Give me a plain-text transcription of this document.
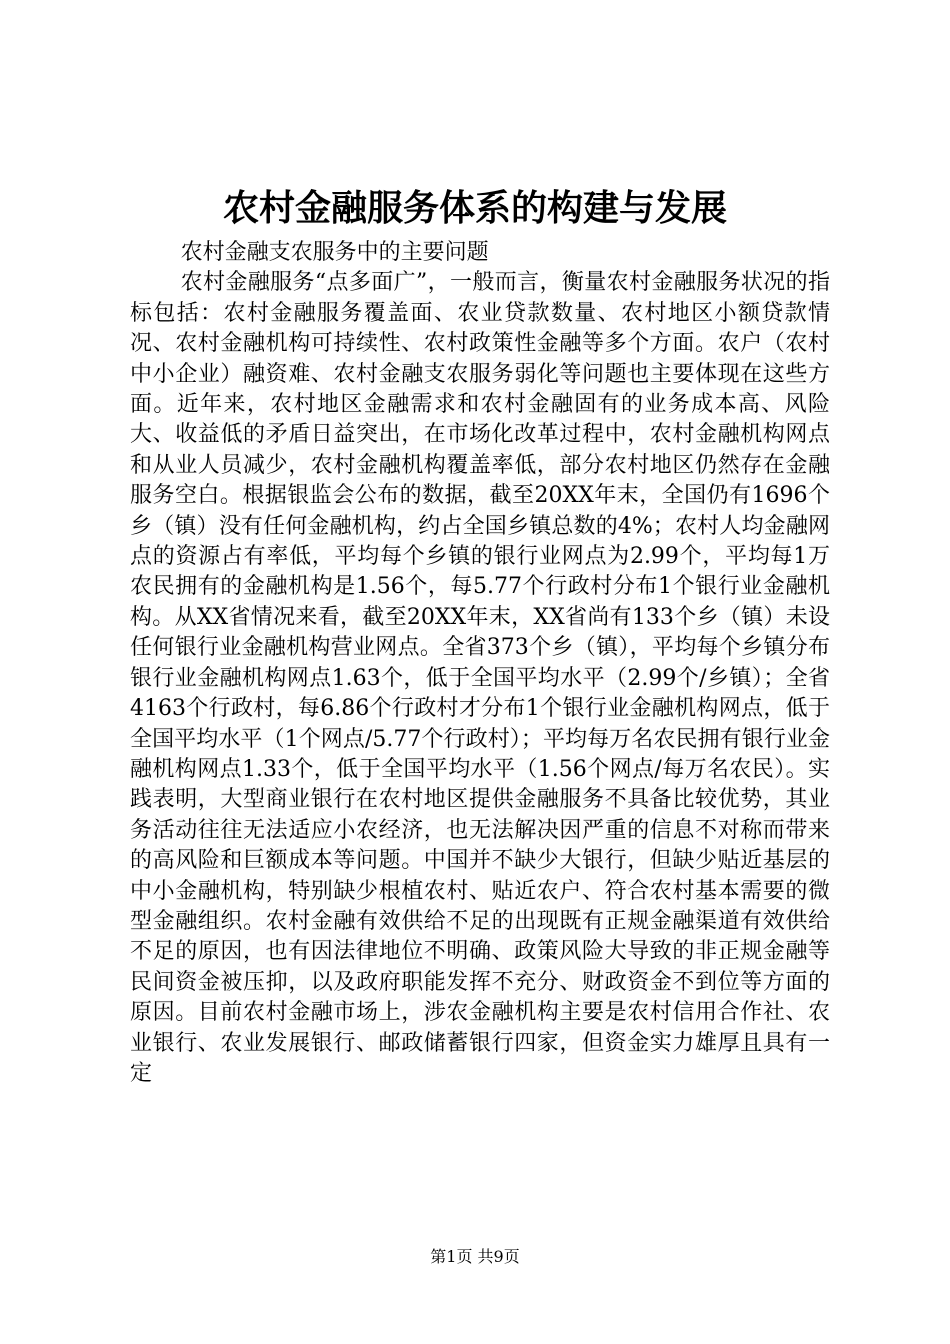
农村金融服务体系的构建与发展

农村金融支农服务中的主要问题

农村金融服务“点多面广”，一般而言，衡量农村金融服务状况的指标包括：农村金融服务覆盖面、农业贷款数量、农村地区小额贷款情况、农村金融机构可持续性、农村政策性金融等多个方面。农户（农村中小企业）融资难、农村金融支农服务弱化等问题也主要体现在这些方面。近年来，农村地区金融需求和农村金融固有的业务成本高、风险大、收益低的矛盾日益突出，在市场化改革过程中，农村金融机构网点和从业人员减少，农村金融机构覆盖率低，部分农村地区仍然存在金融服务空白。根据银监会公布的数据，截至20XX年末，全国仍有1696个乡（镇）没有任何金融机构，约占全国乡镇总数的4%；农村人均金融网点的资源占有率低，平均每个乡镇的银行业网点为2.99个，平均每1万农民拥有的金融机构是1.56个，每5.77个行政村分布1个银行业金融机构。从XX省情况来看，截至20XX年末，XX省尚有133个乡（镇）未设任何银行业金融机构营业网点。全省373个乡（镇），平均每个乡镇分布银行业金融机构网点1.63个，低于全国平均水平（2.99个/乡镇）；全省4163个行政村，每6.86个行政村才分布1个银行业金融机构网点，低于全国平均水平（1个网点/5.77个行政村）；平均每万名农民拥有银行业金融机构网点1.33个，低于全国平均水平（1.56个网点/每万名农民）。实践表明，大型商业银行在农村地区提供金融服务不具备比较优势，其业务活动往往无法适应小农经济，也无法解决因严重的信息不对称而带来的高风险和巨额成本等问题。中国并不缺少大银行，但缺少贴近基层的中小金融机构，特别缺少根植农村、贴近农户、符合农村基本需要的微型金融组织。农村金融有效供给不足的出现既有正规金融渠道有效供给不足的原因，也有因法律地位不明确、政策风险大导致的非正规金融等民间资金被压抑，以及政府职能发挥不充分、财政资金不到位等方面的原因。目前农村金融市场上，涉农金融机构主要是农村信用合作社、农业银行、农业发展银行、邮政储蓄银行四家，但资金实力雄厚且具有一定

第1页 共9页
